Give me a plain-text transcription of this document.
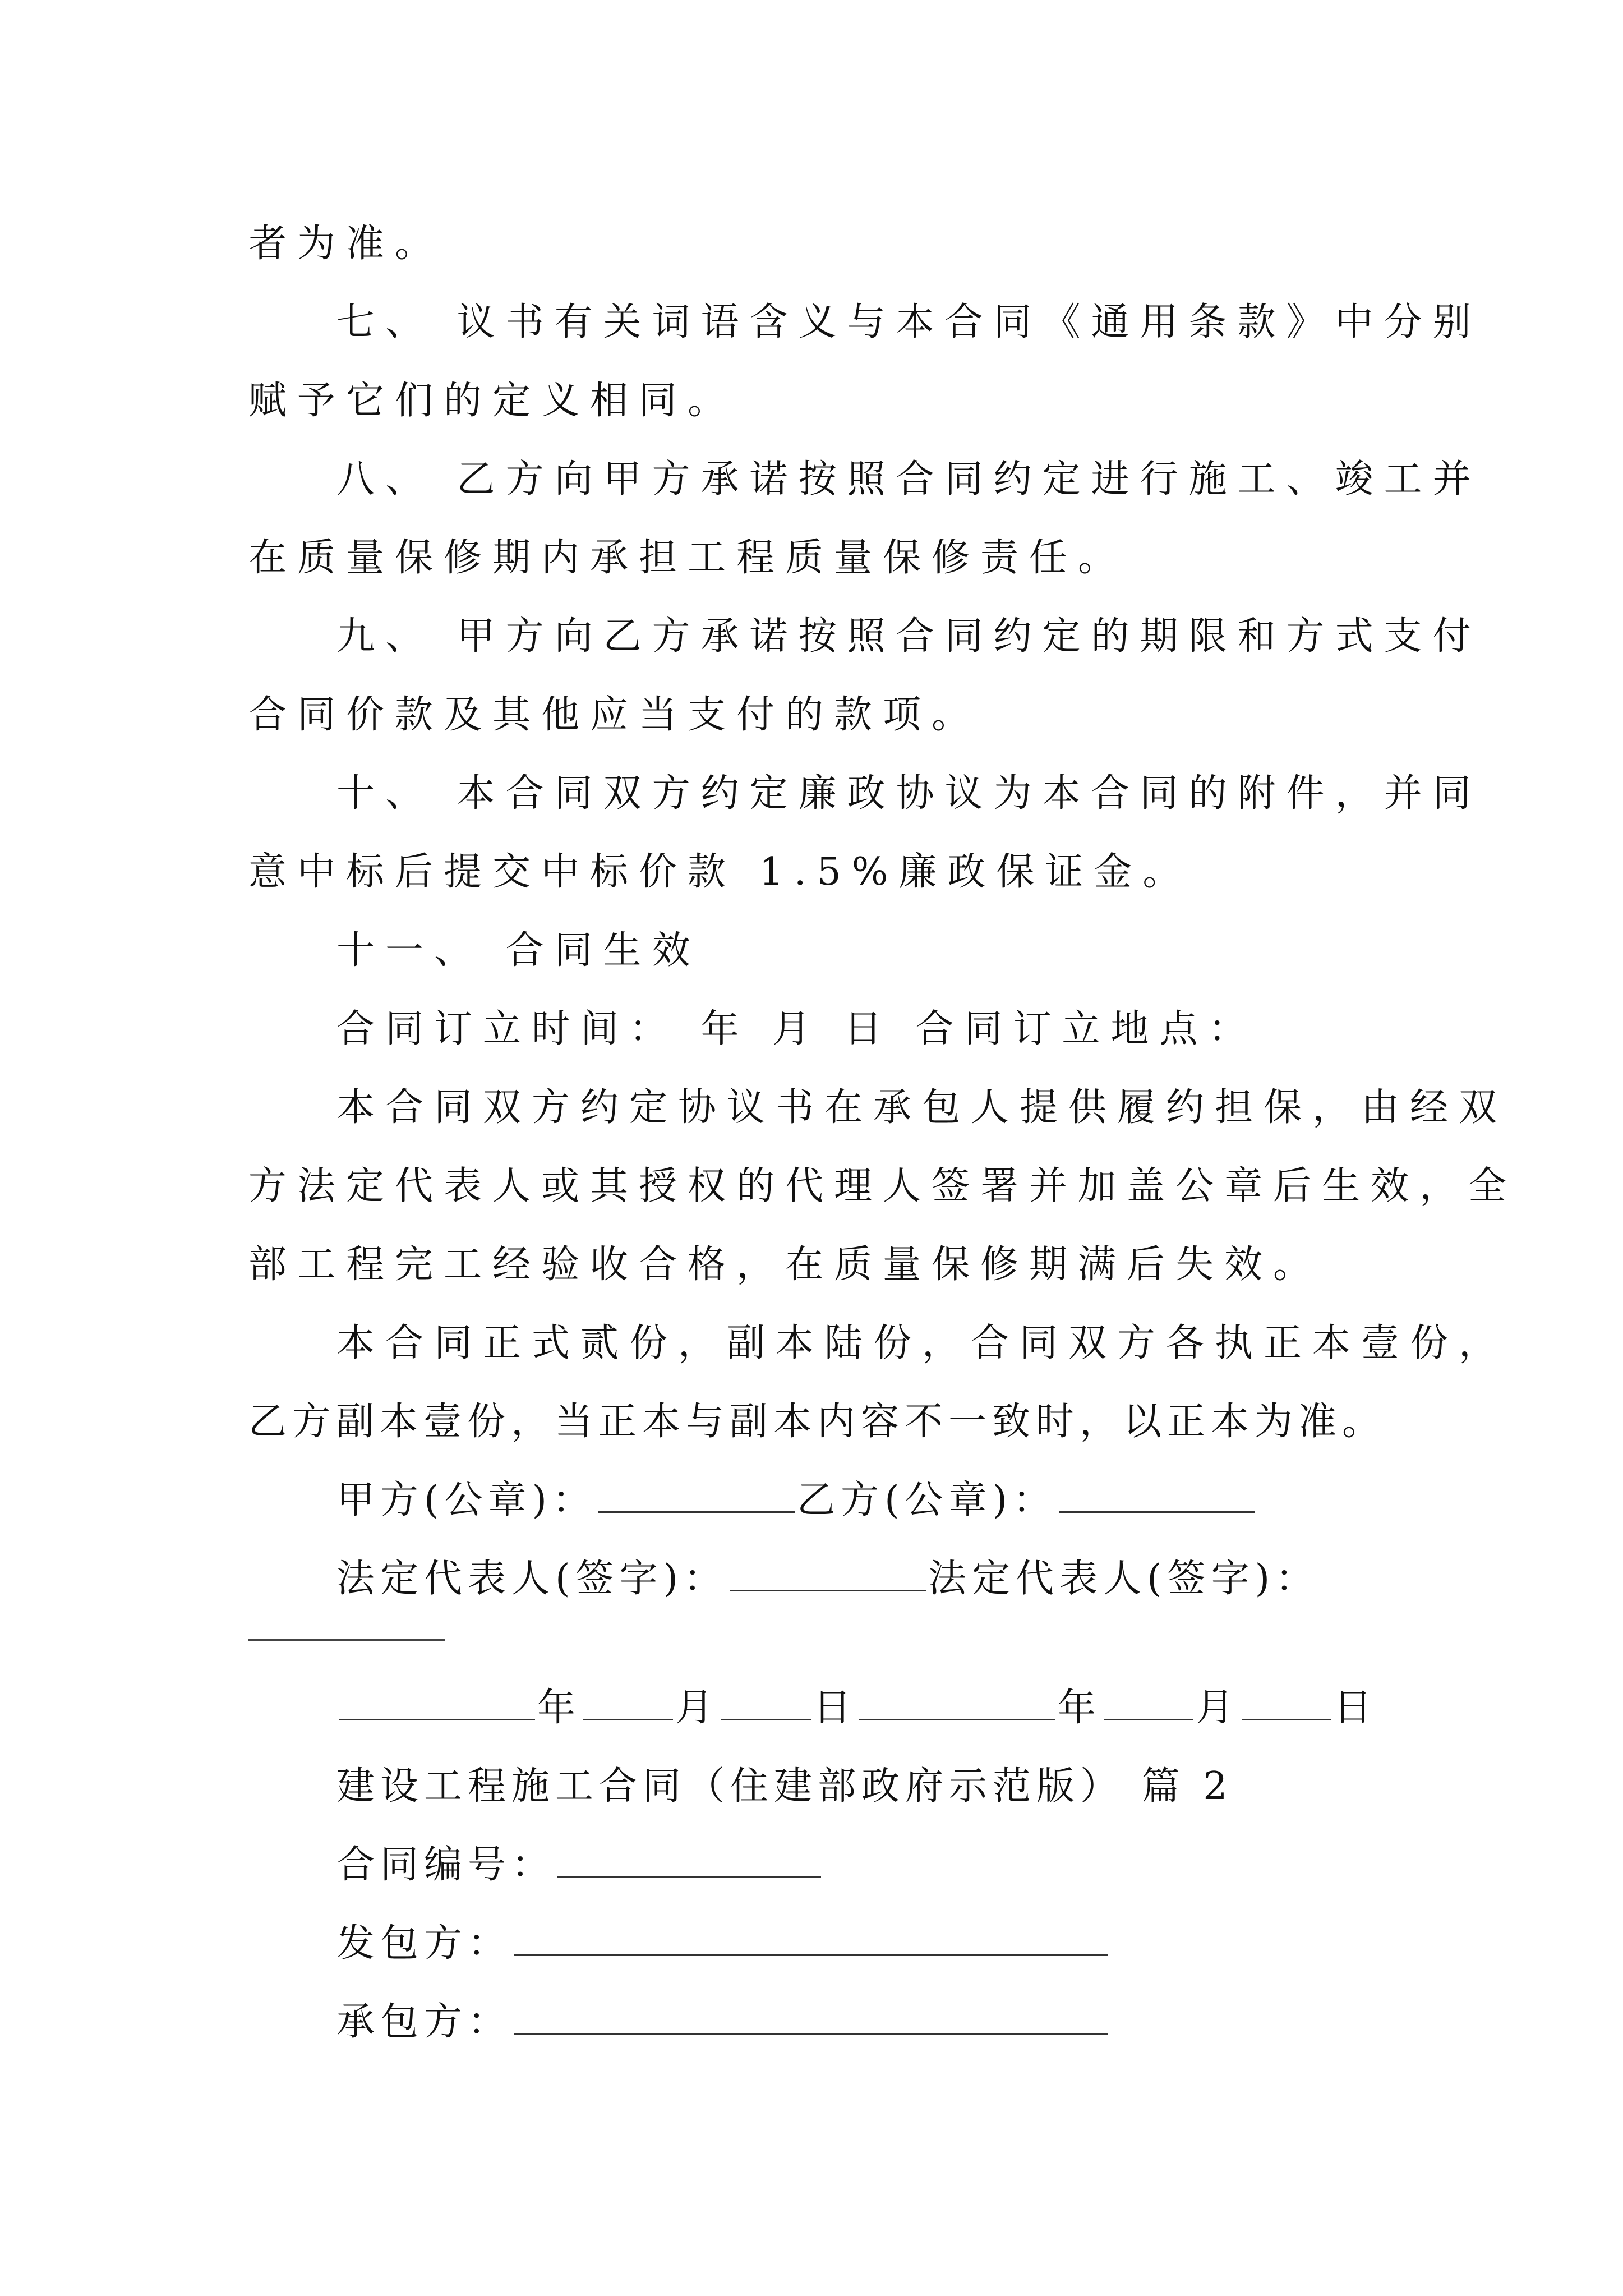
者为准。
七、 议书有关词语含义与本合同《通用条款》中分别
赋予它们的定义相同。
八、 乙方向甲方承诺按照合同约定进行施工、竣工并
在质量保修期内承担工程质量保修责任。
九、 甲方向乙方承诺按照合同约定的期限和方式支付
合同价款及其他应当支付的款项。
十、 本合同双方约定廉政协议为本合同的附件，并同
意中标后提交中标价款 1.5%廉政保证金。
十一、 合同生效
合同订立时间： 年 月 日 合同订立地点：
本合同双方约定协议书在承包人提供履约担保，由经双
方法定代表人或其授权的代理人签署并加盖公章后生效，全
部工程完工经验收合格，在质量保修期满后失效。
本合同正式贰份，副本陆份，合同双方各执正本壹份，
乙方副本壹份，当正本与副本内容不一致时，以正本为准。
甲方(公章)：	乙方(公章)：
法定代表人(签字)：	法定代表人(签字)：
年 月 日	年 月 日
建设工程施工合同（住建部政府示范版） 篇 2
合同编号：
发包方：
承包方：
